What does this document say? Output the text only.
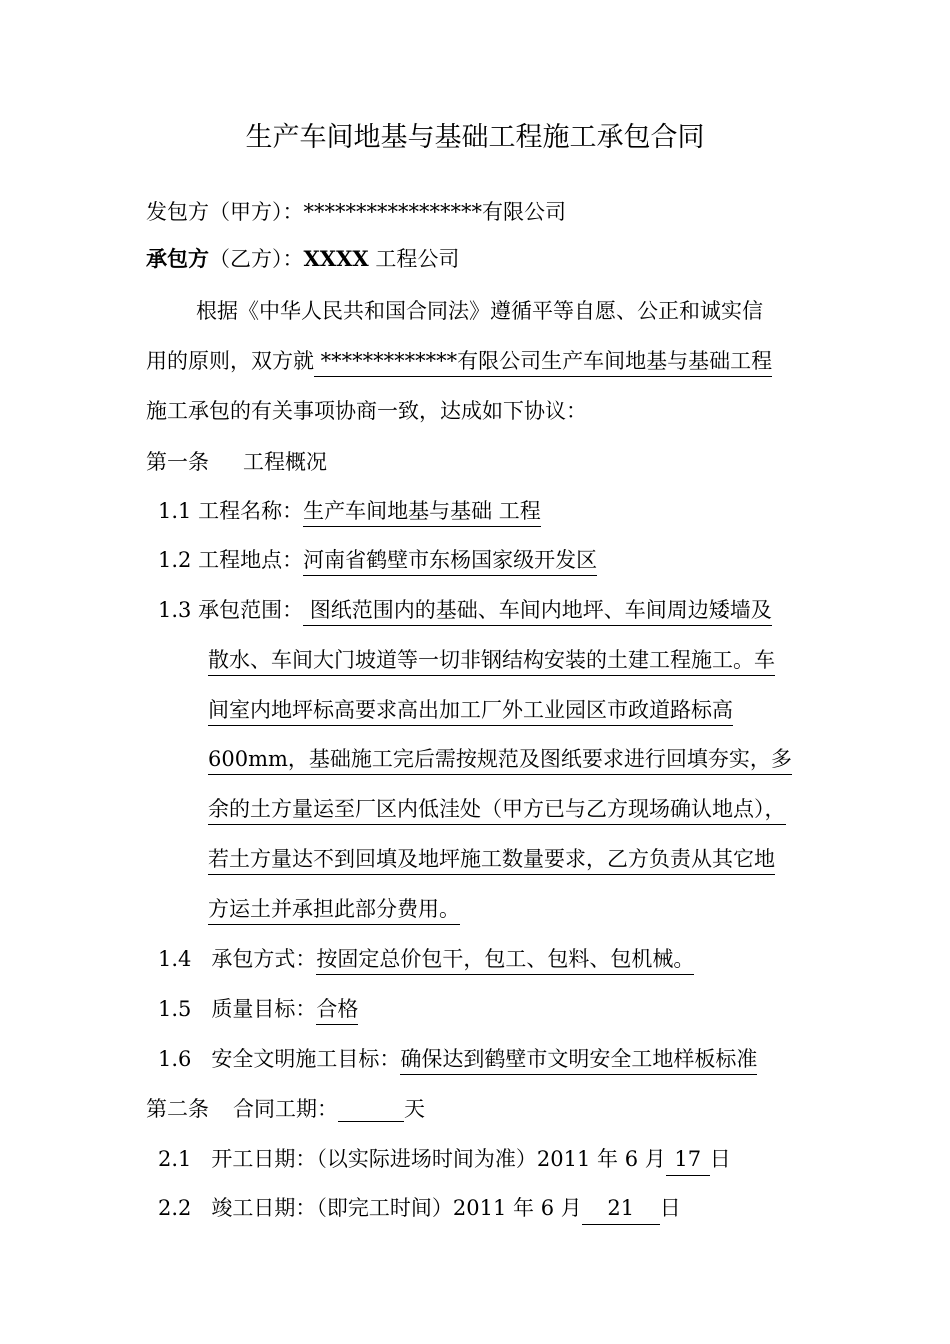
生产车间地基与基础工程施工承包合同
发包方（甲方）：*****************有限公司
承包方（乙方）：XXXX 工程公司
根据《中华人民共和国合同法》遵循平等自愿、公正和诚实信
用的原则，双方就 *************有限公司生产车间地基与基础工程
施工承包的有关事项协商一致，达成如下协议：
第一条 工程概况
1.1 工程名称：生产车间地基与基础 工程
1.2 工程地点：河南省鹤壁市东杨国家级开发区
1.3 承包范围： 图纸范围内的基础、车间内地坪、车间周边矮墙及
散水、车间大门坡道等一切非钢结构安装的土建工程施工。车
间室内地坪标高要求高出加工厂外工业园区市政道路标高
600mm，基础施工完后需按规范及图纸要求进行回填夯实，多
余的土方量运至厂区内低洼处（甲方已与乙方现场确认地点），
若土方量达不到回填及地坪施工数量要求，乙方负责从其它地
方运土并承担此部分费用。
1.4 承包方式：按固定总价包干，包工、包料、包机械。
1.5 质量目标：合格
1.6 安全文明施工目标：确保达到鹤壁市文明安全工地样板标准
第二条 合同工期：	天
2.1 开工日期：（以实际进场时间为准）2011 年 6 月 17 日
2.2 竣工日期：（即完工时间）2011 年 6 月 21 日
